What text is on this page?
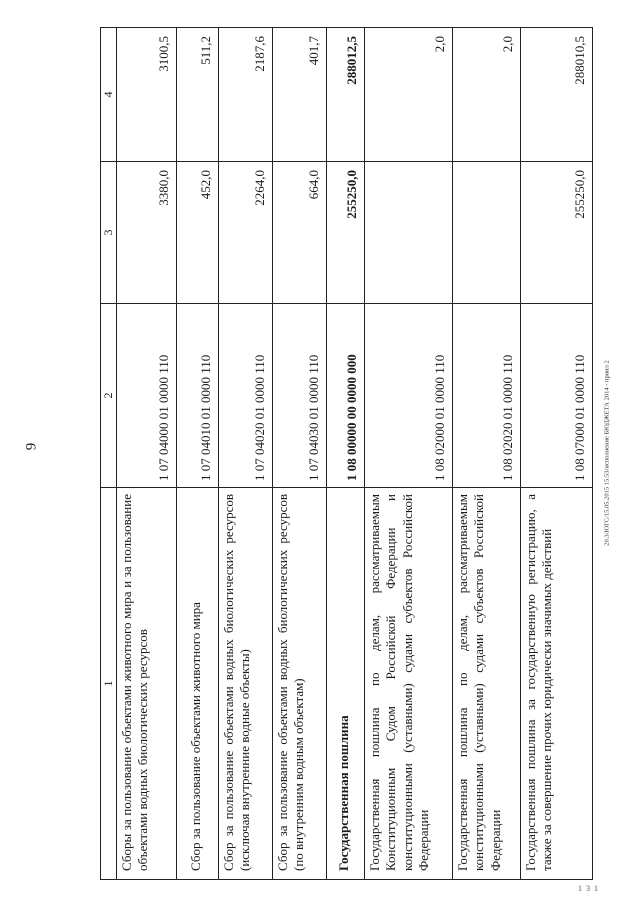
9	20.3/ЮГС/15.05.2015 15:53/исполнение БЮДЖЕТА 2014 - приил 2
1 3 1
1	2	3	4
Сборы за пользование объектами животного мира и за пользование объектами водных биологических ресурсов	1 07 04000 01 0000 110	3380,0	3100,5
Сбор за пользование объектами животного мира	1 07 04010 01 0000 110	452,0	511,2
Сбор за пользование объектами водных биологических ресурсов (исключая внутренние водные объекты)	1 07 04020 01 0000 110	2264,0	2187,6
Сбор за пользование объектами водных биологических ресурсов (по внутренним водным объектам)	1 07 04030 01 0000 110	664,0	401,7
Государственная пошлина	1 08 00000 00 0000 000	255250,0	288012,5
Государственная пошлина по делам, рассматриваемым Конституционным Судом Российской Федерации и конституционными (уставными) судами субъектов Российской Федерации	1 08 02000 01 0000 110		2,0
Государственная пошлина по делам, рассматриваемым конституционными (уставными) судами субъектов Российской Федерации	1 08 02020 01 0000 110		2,0
Государственная пошлина за государственную регистрацию, а также за совершение прочих юридически значимых действий	1 08 07000 01 0000 110	255250,0	288010,5
